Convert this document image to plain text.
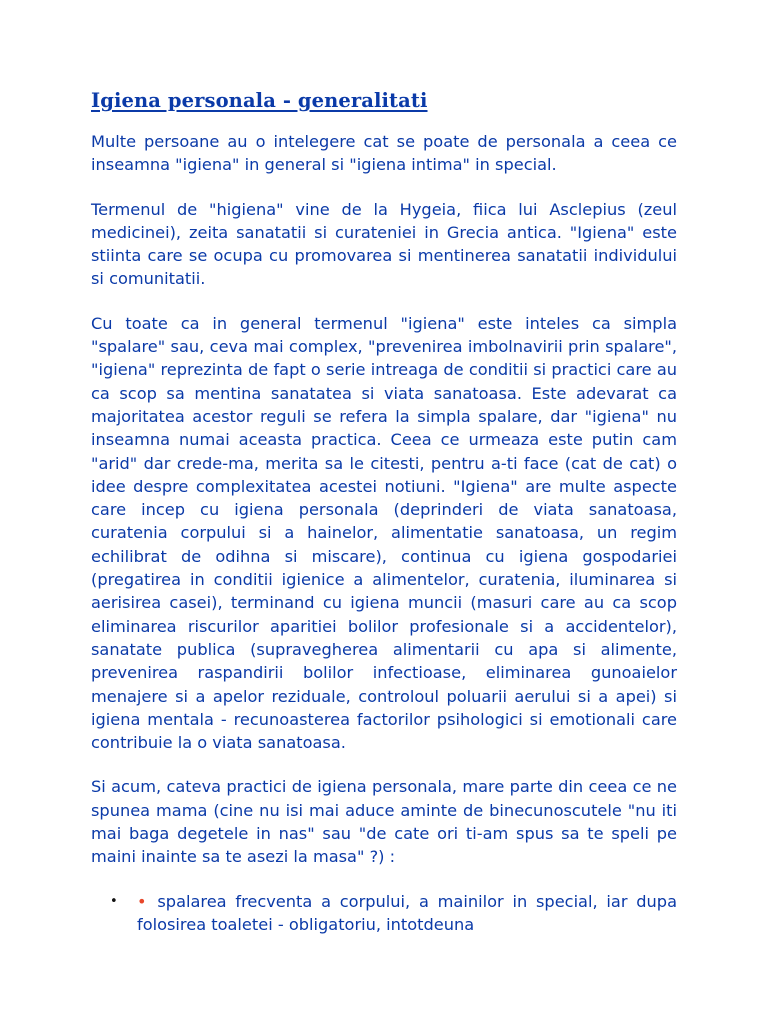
Igiena personala - generalitati

Multe persoane au o intelegere cat se poate de personala a ceea ce inseamna "igiena" in general si "igiena intima" in special.

Termenul de "higiena" vine de la Hygeia, fiica lui Asclepius (zeul medicinei), zeita sanatatii si curateniei in Grecia antica. "Igiena" este stiinta care se ocupa cu promovarea si mentinerea sanatatii individului si comunitatii.

Cu toate ca in general termenul "igiena" este inteles ca simpla "spalare" sau, ceva mai complex, "prevenirea imbolnavirii prin spalare", "igiena" reprezinta de fapt o serie intreaga de conditii si practici care au ca scop sa mentina sanatatea si viata sanatoasa. Este adevarat ca majoritatea acestor reguli se refera la simpla spalare, dar "igiena" nu inseamna numai aceasta practica. Ceea ce urmeaza este putin cam "arid" dar crede-ma, merita sa le citesti, pentru a-ti face (cat de cat) o idee despre complexitatea acestei notiuni. "Igiena" are multe aspecte care incep cu igiena personala (deprinderi de viata sanatoasa, curatenia corpului si a hainelor, alimentatie sanatoasa, un regim echilibrat de odihna si miscare), continua cu igiena gospodariei (pregatirea in conditii igienice a alimentelor, curatenia, iluminarea si aerisirea casei), terminand cu igiena muncii (masuri care au ca scop eliminarea riscurilor aparitiei bolilor profesionale si a accidentelor), sanatate publica (supravegherea alimentarii cu apa si alimente, prevenirea raspandirii bolilor infectioase, eliminarea gunoaielor menajere si a apelor reziduale, controloul poluarii aerului si a apei) si igiena mentala - recunoasterea factorilor psihologici si emotionali care contribuie la o viata sanatoasa.

Si acum, cateva practici de igiena personala, mare parte din ceea ce ne spunea mama (cine nu isi mai aduce aminte de binecunoscutele "nu iti mai baga degetele in nas" sau "de cate ori ti-am spus sa te speli pe maini inainte sa te asezi la masa" ?) :

• • spalarea frecventa a corpului, a mainilor in special, iar dupa folosirea toaletei - obligatoriu, intotdeuna
